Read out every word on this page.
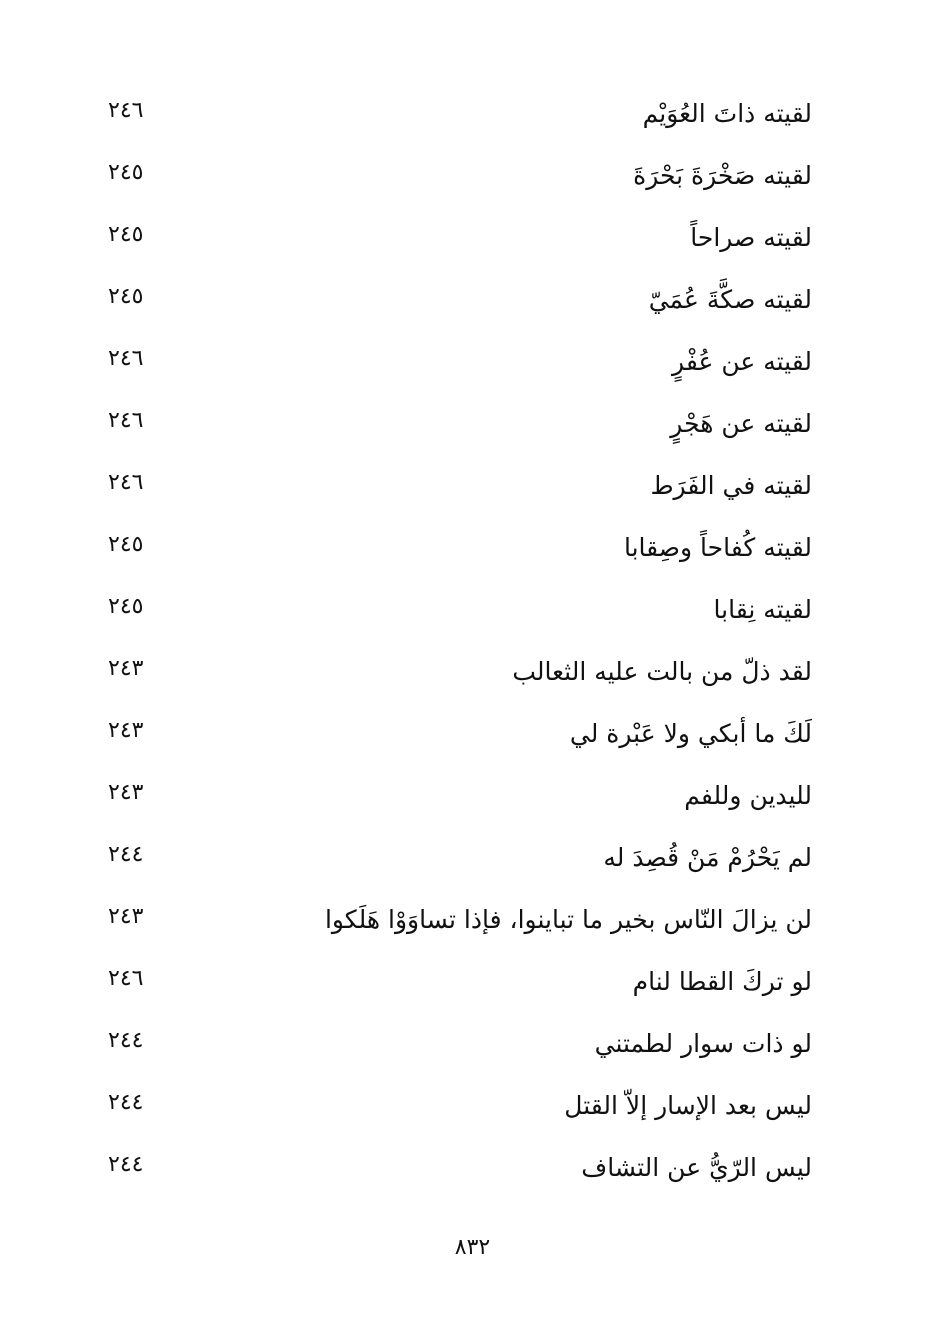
لقيته ذاتَ العُوَيْم
٢٤٦
لقيته صَخْرَةَ بَحْرَةَ
٢٤٥
لقيته صراحاً
٢٤٥
لقيته صكَّةَ عُمَيّ
٢٤٥
لقيته عن عُفْرٍ
٢٤٦
لقيته عن هَجْرٍ
٢٤٦
لقيته في الفَرَط
٢٤٦
لقيته كُفاحاً وصِقابا
٢٤٥
لقيته نِقابا
٢٤٥
لقد ذلّ من بالت عليه الثعالب
٢٤٣
لَكَ ما أبكي ولا عَبْرة لي
٢٤٣
لليدين وللفم
٢٤٣
لم يَحْرُمْ مَنْ قُصِدَ له
٢٤٤
لن يزالَ النّاس بخير ما تباينوا، فإذا تساوَوْا هَلَكوا
٢٤٣
لو تركَ القطا لنام
٢٤٦
لو ذات سوار لطمتني
٢٤٤
ليس بعد الإسار إلاّ القتل
٢٤٤
ليس الرّيُّ عن التشاف
٢٤٤
٨٣٢
